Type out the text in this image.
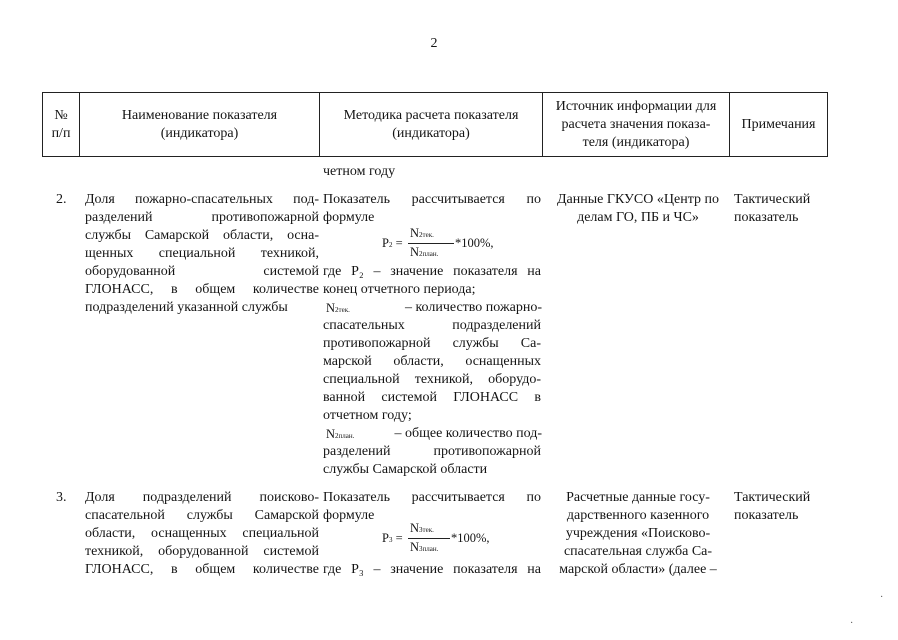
2
№
п/п
Наименование показателя
(индикатора)
Методика расчета показателя
(индикатора)
Источник информации для
расчета значения показа-
теля (индикатора)
Примечания
четном году
2. Доля пожарно-спасательных под-
разделений противопожарной
службы Самарской области, осна-
щенных специальной техникой,
оборудованной системой
ГЛОНАСС, в общем количестве
подразделений указанной службы
Показатель рассчитывается по
формуле
P2 =
N2тек.
N2план.
*100%,
где P₂ – значение показателя на
конец отчетного периода;
N2тек.	– количество пожарно-
спасательных подразделений
противопожарной службы Са-
марской области, оснащенных
специальной техникой, оборудо-
ванной системой ГЛОНАСС в
отчетном году;
N2план.	– общее количество под-
разделений противопожарной
службы Самарской области
Данные ГКУСО «Центр по
делам ГО, ПБ и ЧС»
Тактический
показатель
3. Доля подразделений поисково-
спасательной службы Самарской
области, оснащенных специальной
техникой, оборудованной системой
ГЛОНАСС, в общем количестве
Показатель рассчитывается по
формуле
P3 =
N3тек.
N3план.
*100%,
где P₃ – значение показателя на
Расчетные данные госу-
дарственного казенного
учреждения «Поисково-
спасательная служба Са-
марской области» (далее –
Тактический
показатель
·
·
